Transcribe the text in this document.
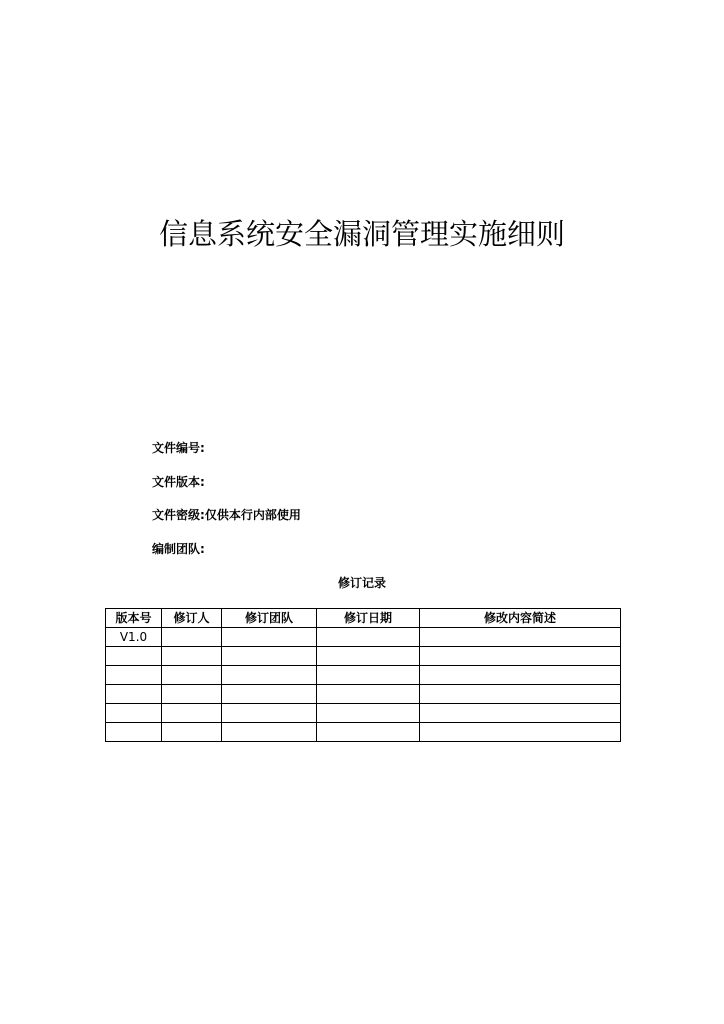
信息系统安全漏洞管理实施细则
文件编号:
文件版本:
文件密级:仅供本行内部使用
编制团队:
修订记录
版本号	修订人	修订团队	修订日期	修改内容简述
V1.0				
